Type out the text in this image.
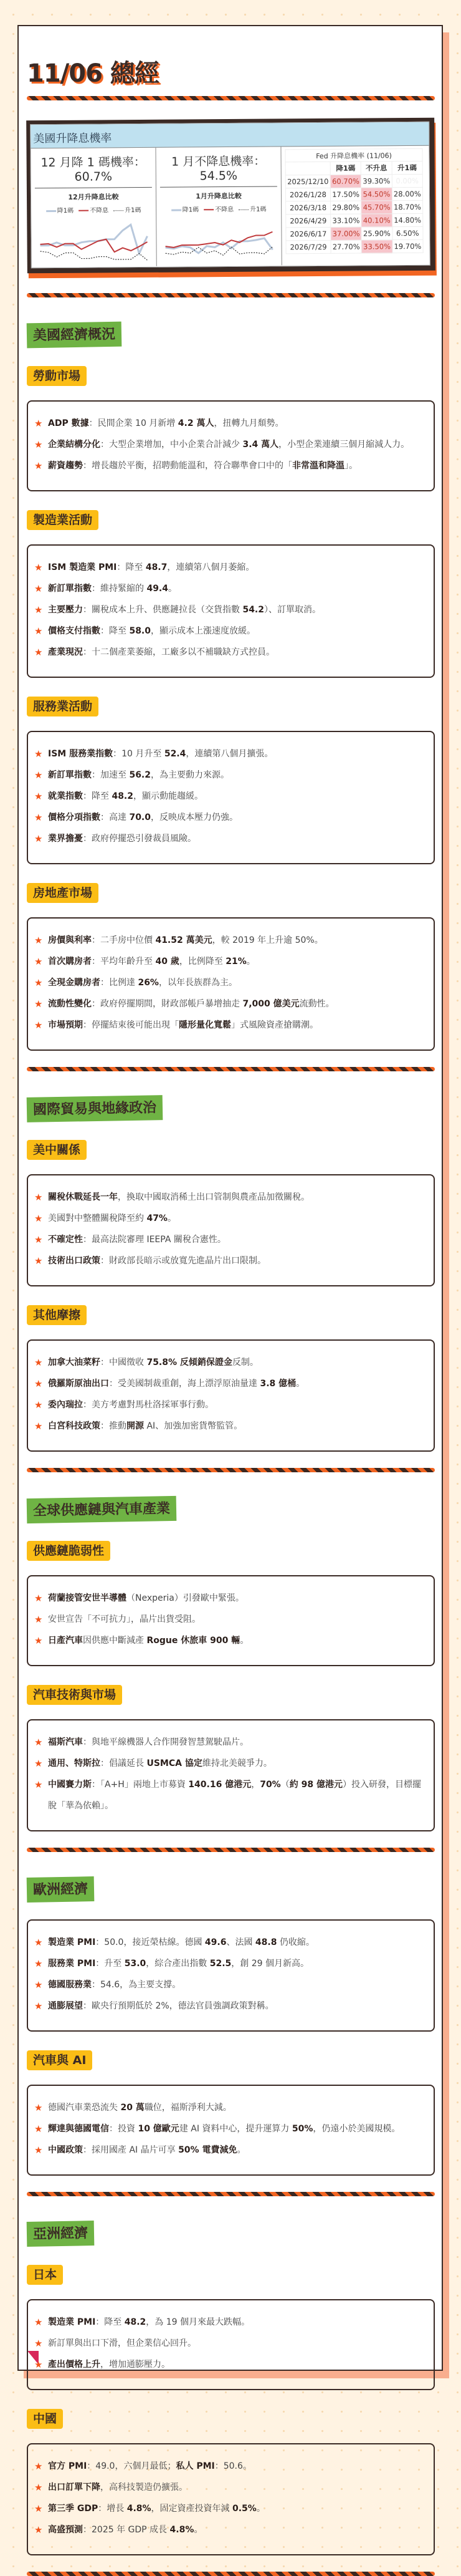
11/06 總經
美國升降息機率
12 月降 1 碼機率：60.7%
12月升降息比較
降1碼	不降息	升1碼
1 月不降息機率：54.5%
1月升降息比較
降1碼	不降息	升1碼
Fed 升降息機率 (11/06)			
	降1碼	不升息	升1碼
2025/12/10	60.70%	39.30%	0.00%
2026/1/28	17.50%	54.50%	28.00%
2026/3/18	29.80%	45.70%	18.70%
2026/4/29	33.10%	40.10%	14.80%
2026/6/17	37.00%	25.90%	6.50%
2026/7/29	27.70%	33.50%	19.70%
美國經濟概況
勞動市場
★ ADP 數據：民間企業 10 月新增 4.2 萬人，扭轉九月頹勢。
★ 企業結構分化：大型企業增加，中小企業合計減少 3.4 萬人，小型企業連續三個月縮減人力。
★ 薪資趨勢：增長趨於平衡，招聘動能溫和，符合聯準會口中的「非常溫和降溫」。
製造業活動
★ ISM 製造業 PMI：降至 48.7，連續第八個月萎縮。
★ 新訂單指數：維持緊縮的 49.4。
★ 主要壓力：關稅成本上升、供應鏈拉長（交貨指數 54.2）、訂單取消。
★ 價格支付指數：降至 58.0，顯示成本上漲速度放緩。
★ 產業現況：十二個產業萎縮，工廠多以不補職缺方式控員。
服務業活動
★ ISM 服務業指數：10 月升至 52.4，連續第八個月擴張。
★ 新訂單指數：加速至 56.2，為主要動力來源。
★ 就業指數：降至 48.2，顯示動能趨緩。
★ 價格分項指數：高達 70.0，反映成本壓力仍強。
★ 業界擔憂：政府停擺恐引發裁員風險。
房地產市場
★ 房價與利率：二手房中位價 41.52 萬美元，較 2019 年上升逾 50%。
★ 首次購房者：平均年齡升至 40 歲，比例降至 21%。
★ 全現金購房者：比例達 26%，以年長族群為主。
★ 流動性變化：政府停擺期間，財政部帳戶暴增抽走 7,000 億美元流動性。
★ 市場預期：停擺結束後可能出現「隱形量化寬鬆」式風險資產搶購潮。
國際貿易與地緣政治
美中關係
★ 關稅休戰延長一年，換取中國取消稀土出口管制與農產品加徵關稅。
★ 美國對中整體關稅降至約 47%。
★ 不確定性：最高法院審理 IEEPA 關稅合憲性。
★ 技術出口政策：財政部長暗示或放寬先進晶片出口限制。
其他摩擦
★ 加拿大油菜籽：中國徵收 75.8% 反傾銷保證金反制。
★ 俄羅斯原油出口：受美國制裁重創，海上漂浮原油量達 3.8 億桶。
★ 委內瑞拉：美方考慮對馬杜洛採軍事行動。
★ 白宮科技政策：推動開源 AI、加強加密貨幣監管。
全球供應鏈與汽車產業
供應鏈脆弱性
★ 荷蘭接管安世半導體（Nexperia）引發歐中緊張。
★ 安世宣告「不可抗力」，晶片出貨受阻。
★ 日產汽車因供應中斷減產 Rogue 休旅車 900 輛。
汽車技術與市場
★ 福斯汽車：與地平線機器人合作開發智慧駕駛晶片。
★ 通用、特斯拉：倡議延長 USMCA 協定維持北美競爭力。
★ 中國賽力斯：「A+H」兩地上市募資 140.16 億港元，70%（約 98 億港元）投入研發，目標擺脫「華為依賴」。
歐洲經濟
★ 製造業 PMI：50.0，接近榮枯線。德國 49.6、法國 48.8 仍收縮。
★ 服務業 PMI：升至 53.0，綜合產出指數 52.5，創 29 個月新高。
★ 德國服務業：54.6，為主要支撐。
★ 通膨展望：歐央行預期低於 2%，德法官員強調政策對稱。
汽車與 AI
★ 德國汽車業恐流失 20 萬職位，福斯淨利大減。
★ 輝達與德國電信：投資 10 億歐元建 AI 資料中心，提升運算力 50%，仍遠小於美國規模。
★ 中國政策：採用國產 AI 晶片可享 50% 電費減免。
亞洲經濟
日本
★ 製造業 PMI：降至 48.2，為 19 個月來最大跌幅。
★ 新訂單與出口下滑，但企業信心回升。
★ 產出價格上升，增加通膨壓力。
中國
★ 官方 PMI：49.0，六個月最低；私人 PMI：50.6。
★ 出口訂單下降，高科技製造仍擴張。
★ 第三季 GDP：增長 4.8%，固定資產投資年減 0.5%。
★ 高盛預測：2025 年 GDP 成長 4.8%。
